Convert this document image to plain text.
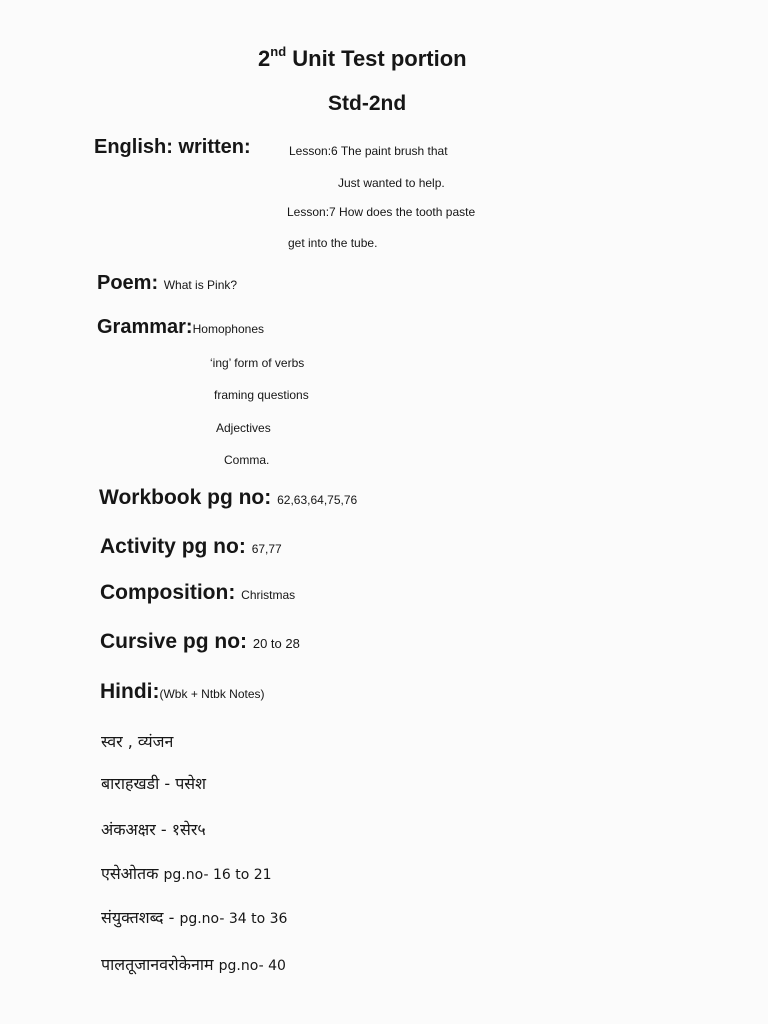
2nd Unit Test portion
Std-2nd
English: written:	Lesson:6 The paint brush that
Just wanted to help.
Lesson:7 How does the tooth paste
get into the tube.
Poem: What is Pink?
Grammar:Homophones
‘ing’ form of verbs
framing questions
Adjectives
Comma.
Workbook pg no: 62,63,64,75,76
Activity pg no: 67,77
Composition: Christmas
Cursive pg no: 20 to 28
Hindi:(Wbk + Ntbk Notes)
स्वर , व्यंजन
बाराहखडी - पसेश
अंकअक्षर - १सेर५
एसेओतक pg.no- 16 to 21
संयुक्तशब्द - pg.no- 34 to 36
पालतूजानवरोकेनाम pg.no- 40
